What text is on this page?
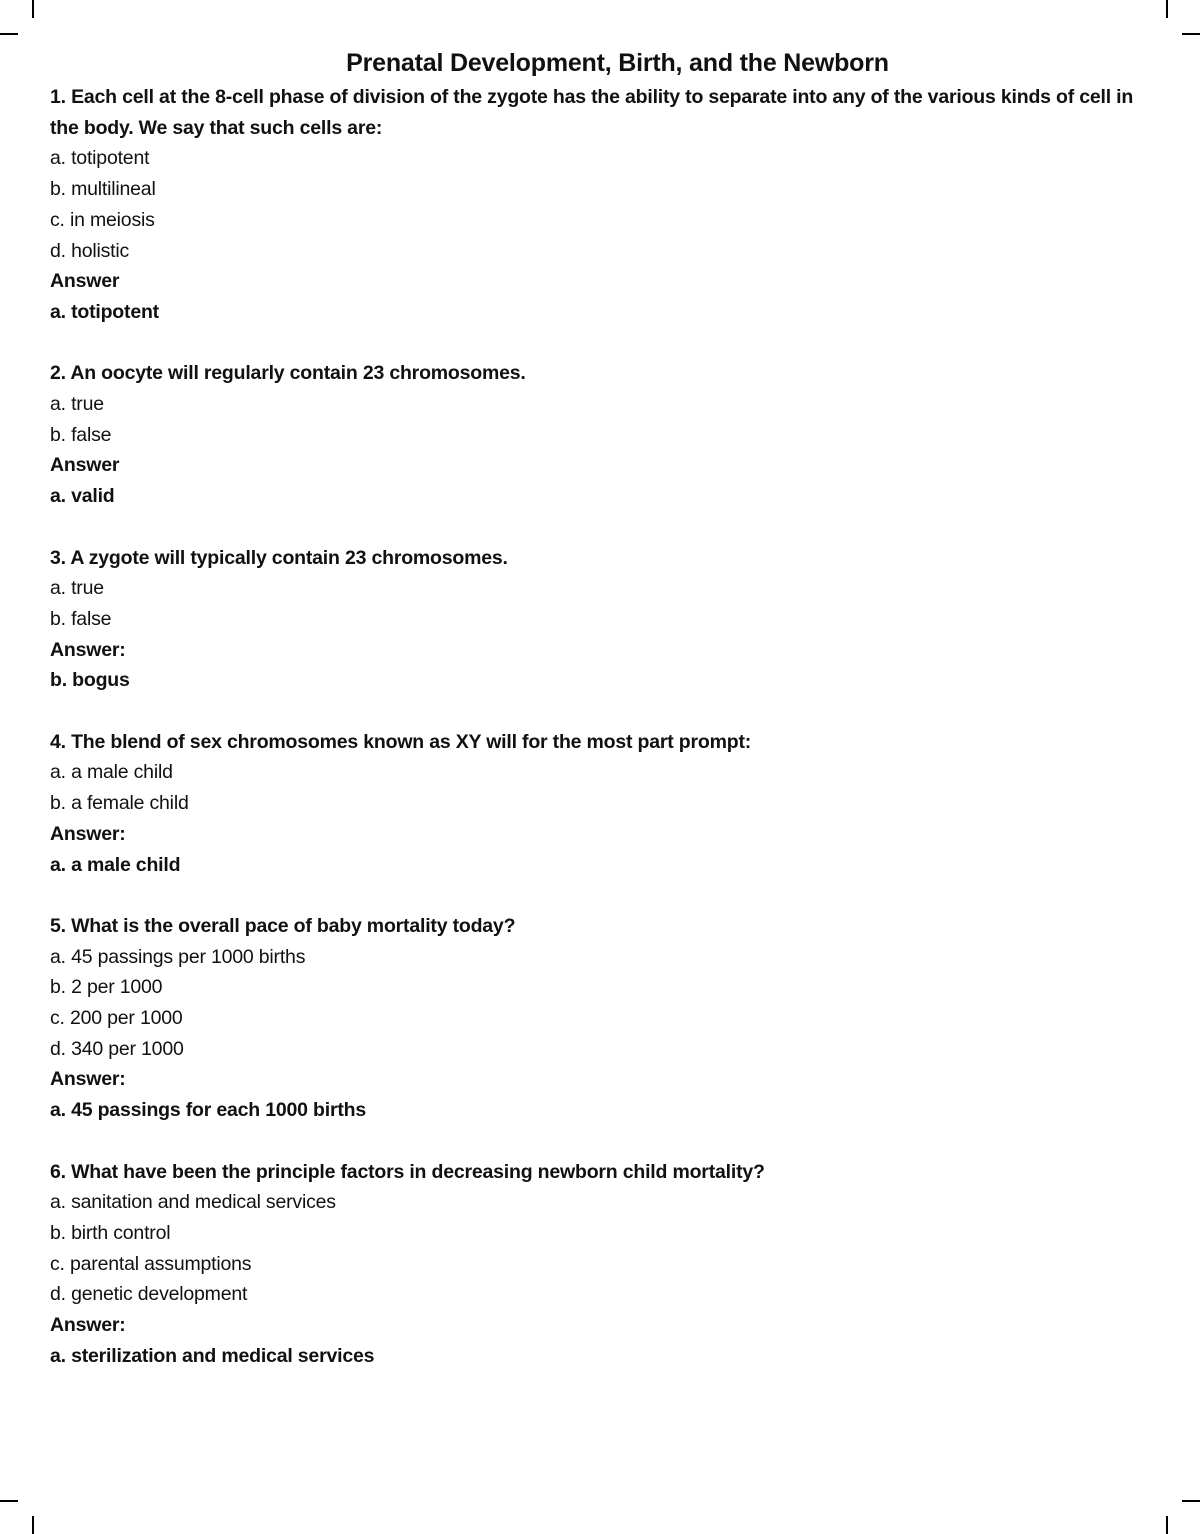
Prenatal Development, Birth, and the Newborn
1. Each cell at the 8-cell phase of division of the zygote has the ability to separate into any of the various kinds of cell in the body. We say that such cells are:
a. totipotent
b. multilineal
c. in meiosis
d. holistic
Answer
a. totipotent
2. An oocyte will regularly contain 23 chromosomes.
a. true
b. false
Answer
a. valid
3. A zygote will typically contain 23 chromosomes.
a. true
b. false
Answer:
b. bogus
4. The blend of sex chromosomes known as XY will for the most part prompt:
a. a male child
b. a female child
Answer:
a. a male child
5. What is the overall pace of baby mortality today?
a. 45 passings per 1000 births
b. 2 per 1000
c. 200 per 1000
d. 340 per 1000
Answer:
a. 45 passings for each 1000 births
6. What have been the principle factors in decreasing newborn child mortality?
a. sanitation and medical services
b. birth control
c. parental assumptions
d. genetic development
Answer:
a. sterilization and medical services
